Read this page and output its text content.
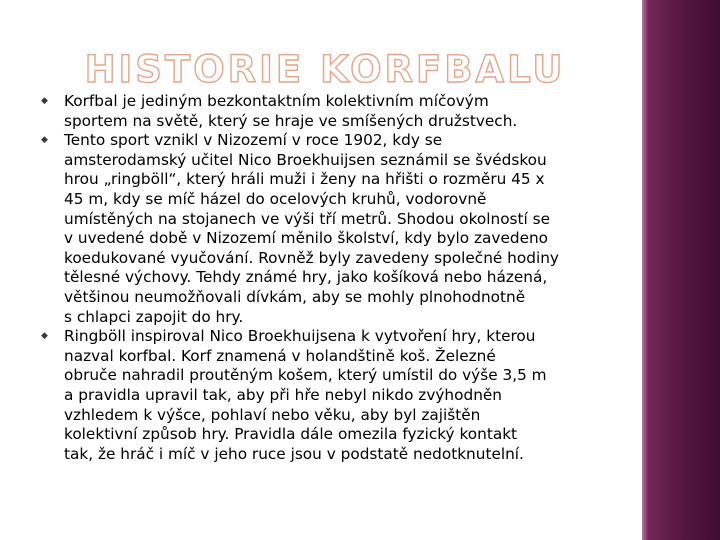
HISTORIE KORFBALU
◆ Korfbal je jediným bezkontaktním kolektivním míčovým
sportem na světě, který se hraje ve smíšených družstvech.
◆ Tento sport vznikl v Nizozemí v roce 1902, kdy se
amsterodamský učitel Nico Broekhuijsen seznámil se švédskou
hrou „ringböll“, který hráli muži i ženy na hřišti o rozměru 45 x
45 m, kdy se míč házel do ocelových kruhů, vodorovně
umístěných na stojanech ve výši tří metrů. Shodou okolností se
v uvedené době v Nizozemí měnilo školství, kdy bylo zavedeno
koedukované vyučování. Rovněž byly zavedeny společné hodiny
tělesné výchovy. Tehdy známé hry, jako košíková nebo házená,
většinou neumožňovali dívkám, aby se mohly plnohodnotně
s chlapci zapojit do hry.
◆ Ringböll inspiroval Nico Broekhuijsena k vytvoření hry, kterou
nazval korfbal. Korf znamená v holandštině koš. Železné
obruče nahradil proutěným košem, který umístil do výše 3,5 m
a pravidla upravil tak, aby při hře nebyl nikdo zvýhodněn
vzhledem k výšce, pohlaví nebo věku, aby byl zajištěn
kolektivní způsob hry. Pravidla dále omezila fyzický kontakt
tak, že hráč i míč v jeho ruce jsou v podstatě nedotknutelní.
